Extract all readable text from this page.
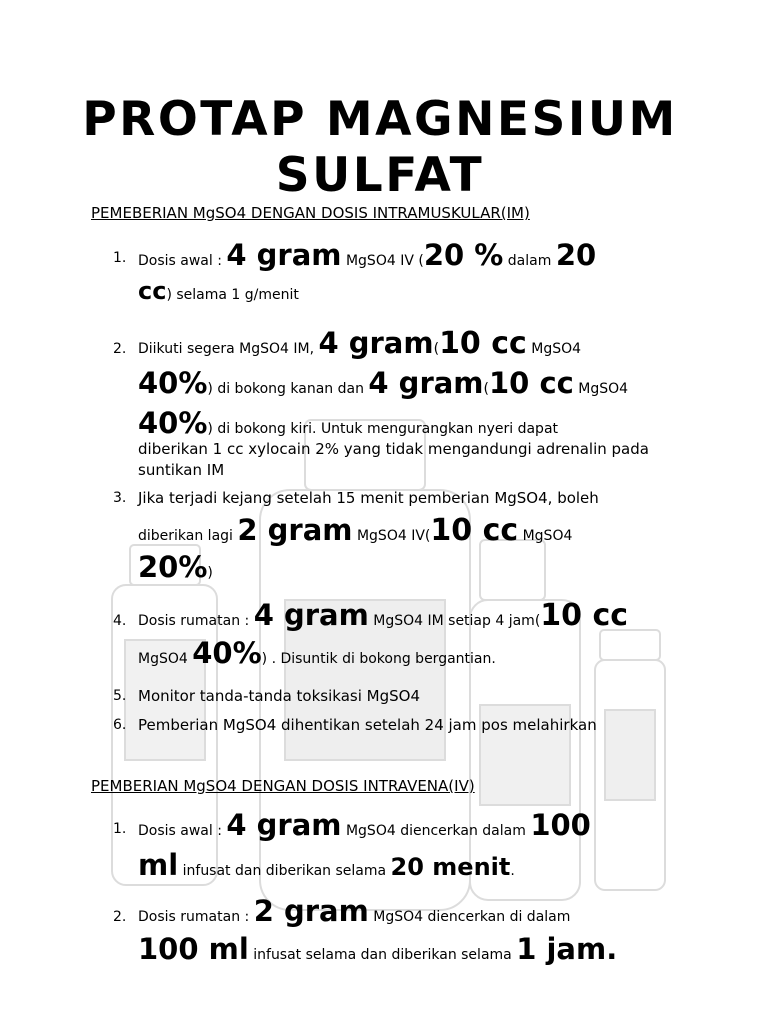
PROTAP MAGNESIUM
SULFAT
PEMEBERIAN MgSO4 DENGAN DOSIS INTRAMUSKULAR(IM)
1. Dosis awal : 4 gram MgSO4 IV (20 % dalam 20
cc) selama 1 g/menit
2. Diikuti segera MgSO4 IM, 4 gram(10 cc MgSO4
40%) di bokong kanan dan 4 gram(10 cc MgSO4
40%) di bokong kiri. Untuk mengurangkan nyeri dapat
diberikan 1 cc xylocain 2% yang tidak mengandungi adrenalin pada
suntikan IM
3. Jika terjadi kejang setelah 15 menit pemberian MgSO4, boleh
diberikan lagi 2 gram MgSO4 IV(10 cc MgSO4
20%)
4. Dosis rumatan : 4 gram MgSO4 IM setiap 4 jam(10 cc
MgSO4 40%) . Disuntik di bokong bergantian.
5. Monitor tanda-tanda toksikasi MgSO4
6. Pemberian MgSO4 dihentikan setelah 24 jam pos melahirkan
PEMBERIAN MgSO4 DENGAN DOSIS INTRAVENA(IV)
1. Dosis awal : 4 gram MgSO4 diencerkan dalam 100
ml infusat dan diberikan selama 20 menit.
2. Dosis rumatan : 2 gram MgSO4 diencerkan di dalam
100 ml infusat selama dan diberikan selama 1 jam.
